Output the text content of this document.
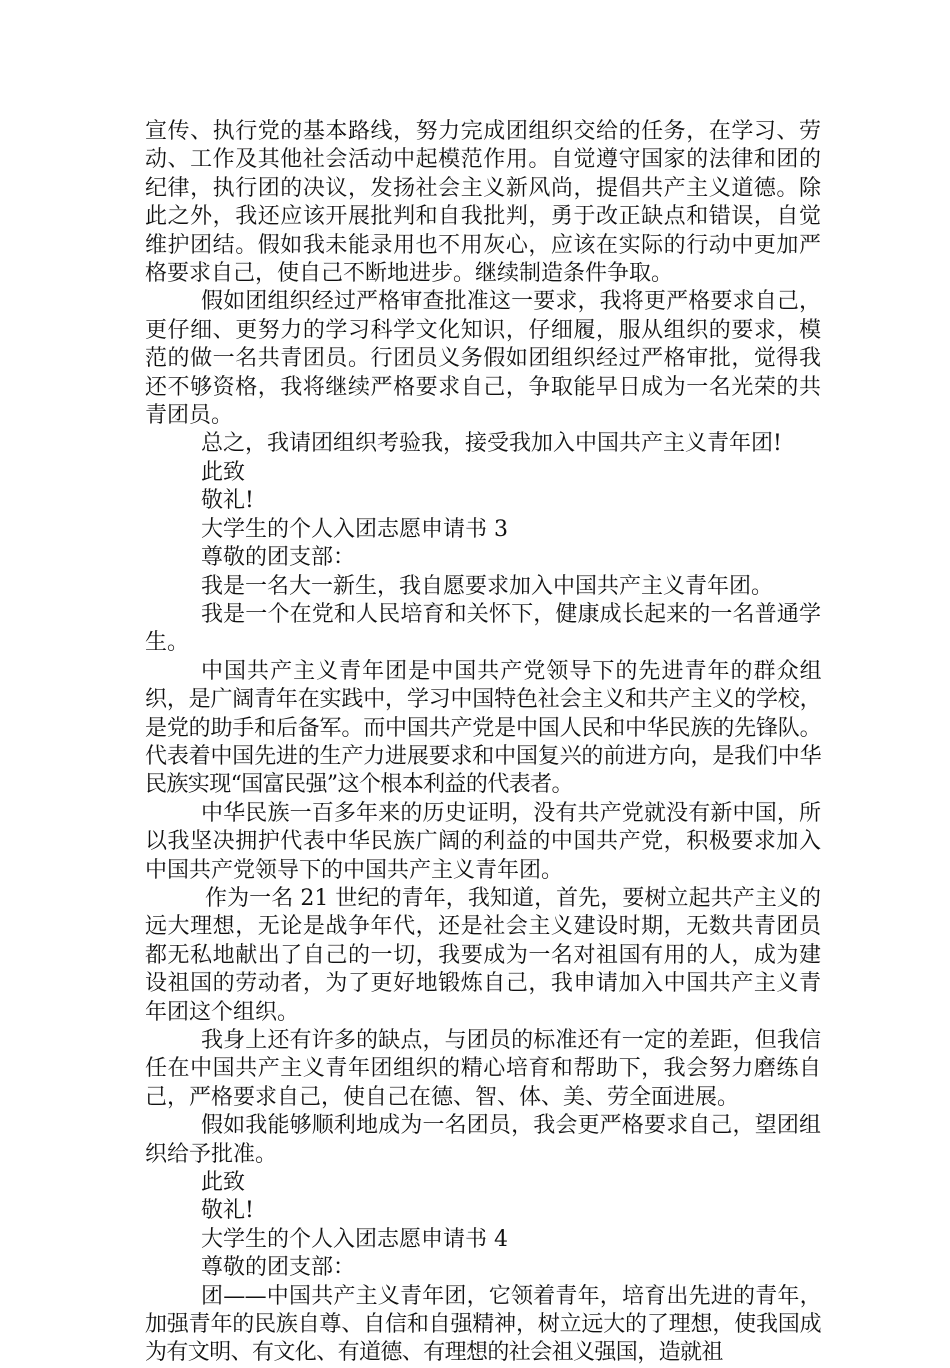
宣传、执行党的基本路线，努力完成团组织交给的任务，在学习、劳动、工作及其他社会活动中起模范作用。自觉遵守国家的法律和团的纪律，执行团的决议，发扬社会主义新风尚，提倡共产主义道德。除此之外，我还应该开展批判和自我批判，勇于改正缺点和错误，自觉维护团结。假如我未能录用也不用灰心，应该在实际的行动中更加严格要求自己，使自己不断地进步。继续制造条件争取。

假如团组织经过严格审查批准这一要求，我将更严格要求自己，更仔细、更努力的学习科学文化知识，仔细履，服从组织的要求，模范的做一名共青团员。行团员义务假如团组织经过严格审批，觉得我还不够资格，我将继续严格要求自己，争取能早日成为一名光荣的共青团员。

总之，我请团组织考验我，接受我加入中国共产主义青年团!

此致

敬礼!

大学生的个人入团志愿申请书 3

尊敬的团支部：

我是一名大一新生，我自愿要求加入中国共产主义青年团。

我是一个在党和人民培育和关怀下，健康成长起来的一名普通学生。

中国共产主义青年团是中国共产党领导下的先进青年的群众组织，是广阔青年在实践中，学习中国特色社会主义和共产主义的学校，是党的助手和后备军。而中国共产党是中国人民和中华民族的先锋队。代表着中国先进的生产力进展要求和中国复兴的前进方向，是我们中华民族实现“国富民强”这个根本利益的代表者。

中华民族一百多年来的历史证明，没有共产党就没有新中国，所以我坚决拥护代表中华民族广阔的利益的中国共产党，积极要求加入中国共产党领导下的中国共产主义青年团。

作为一名 21 世纪的青年，我知道，首先，要树立起共产主义的远大理想，无论是战争年代，还是社会主义建设时期，无数共青团员都无私地献出了自己的一切，我要成为一名对祖国有用的人，成为建设祖国的劳动者，为了更好地锻炼自己，我申请加入中国共产主义青年团这个组织。

我身上还有许多的缺点，与团员的标准还有一定的差距，但我信任在中国共产主义青年团组织的精心培育和帮助下，我会努力磨练自己，严格要求自己，使自己在德、智、体、美、劳全面进展。

假如我能够顺利地成为一名团员，我会更严格要求自己，望团组织给予批准。

此致

敬礼!

大学生的个人入团志愿申请书 4

尊敬的团支部：

团——中国共产主义青年团，它领着青年，培育出先进的青年，加强青年的民族自尊、自信和自强精神，树立远大的了理想，使我国成为有文明、有文化、有道德、有理想的社会祖义强国，造就祖
